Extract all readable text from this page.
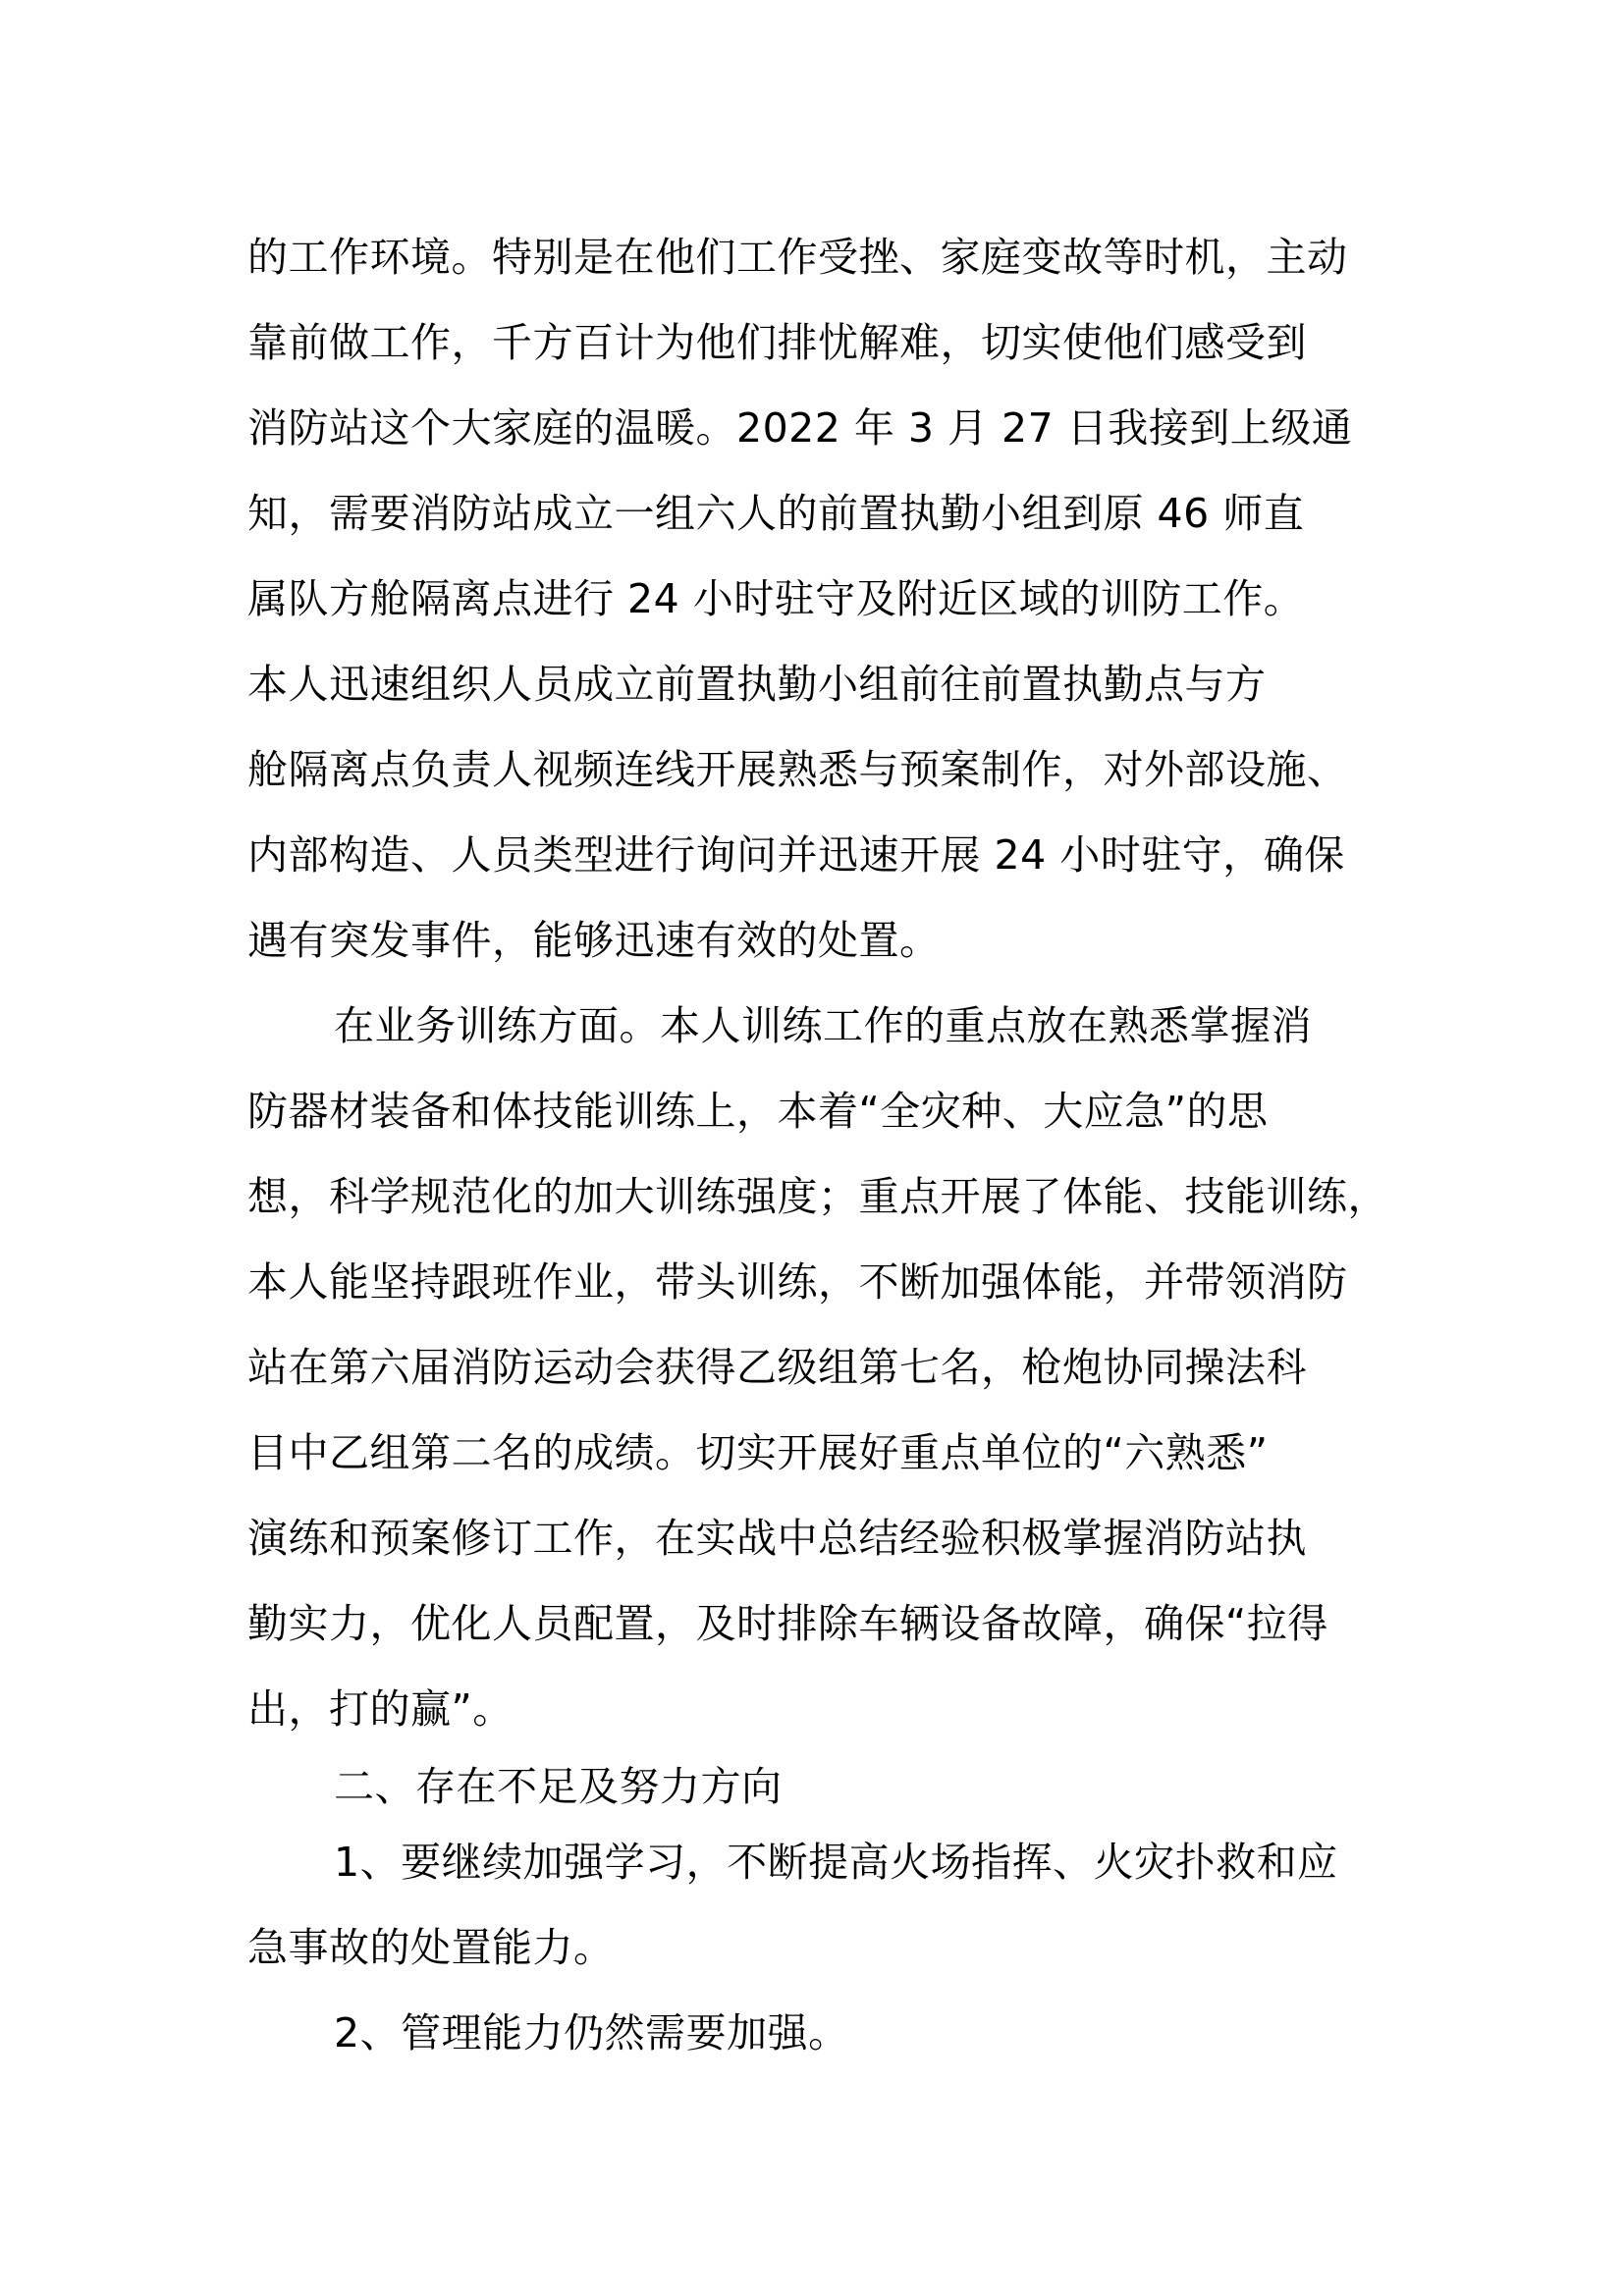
的工作环境。特别是在他们工作受挫、家庭变故等时机，主动
靠前做工作，千方百计为他们排忧解难，切实使他们感受到
消防站这个大家庭的温暖。2022 年 3 月 27 日我接到上级通
知，需要消防站成立一组六人的前置执勤小组到原 46 师直
属队方舱隔离点进行 24 小时驻守及附近区域的训防工作。
本人迅速组织人员成立前置执勤小组前往前置执勤点与方
舱隔离点负责人视频连线开展熟悉与预案制作，对外部设施、
内部构造、人员类型进行询问并迅速开展 24 小时驻守，确保
遇有突发事件，能够迅速有效的处置。
在业务训练方面。本人训练工作的重点放在熟悉掌握消
防器材装备和体技能训练上，本着“全灾种、大应急”的思
想，科学规范化的加大训练强度；重点开展了体能、技能训练，
本人能坚持跟班作业，带头训练，不断加强体能，并带领消防
站在第六届消防运动会获得乙级组第七名，枪炮协同操法科
目中乙组第二名的成绩。切实开展好重点单位的“六熟悉”
演练和预案修订工作，在实战中总结经验积极掌握消防站执
勤实力，优化人员配置，及时排除车辆设备故障，确保“拉得
出，打的赢”。
二、存在不足及努力方向
1、要继续加强学习，不断提高火场指挥、火灾扑救和应
急事故的处置能力。
2、管理能力仍然需要加强。
